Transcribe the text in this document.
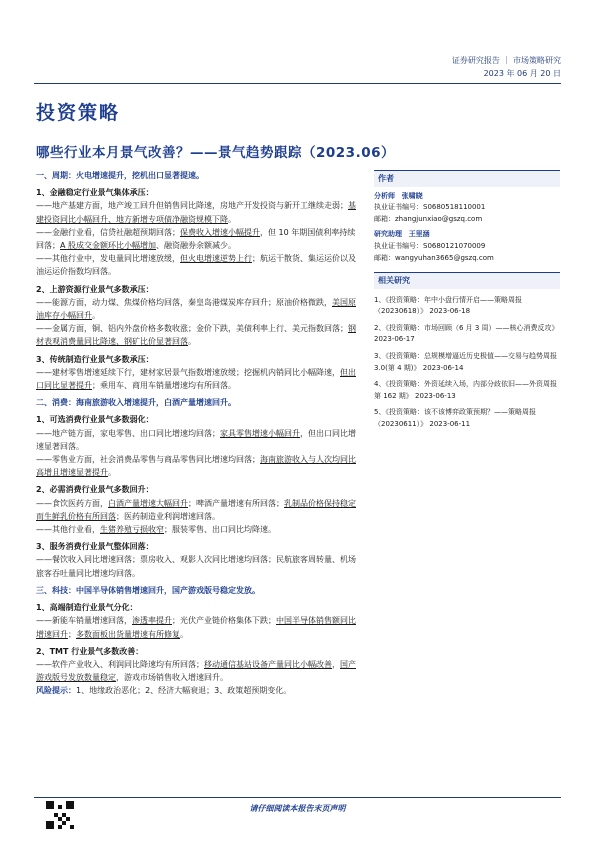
证券研究报告 ｜ 市场策略研究
2023 年 06 月 20 日
投资策略
哪些行业本月景气改善？——景气趋势跟踪（2023.06）

一、周期：火电增速提升，挖机出口显著提速。

1、金融稳定行业景气集体承压：

——地产基建方面，地产竣工回升但销售同比降速，房地产开发投资与新开工继续走弱；基建投资同比小幅回升、地方新增专项债净融资规模下降。

——金融行业看，信贷社融超预期回落；保费收入增速小幅提升，但 10 年期国债利率持续回落；A 股成交金额环比小幅增加、融资融券余额减少。

——其他行业中，发电量同比增速放缓，但火电增速逆势上行；航运干散货、集运运价以及油运运价指数均回落。

2、上游资源行业景气多数承压：

——能源方面，动力煤、焦煤价格均回落，秦皇岛港煤炭库存回升；原油价格微跌，美国原油库存小幅回升。

——金属方面，铜、铝内外盘价格多数收涨；金价下跌，美债利率上行、美元指数回落；钢材表观消费量同比降速、钢矿比价显著回落。

3、传统制造行业景气多数承压：

——建材零售增速延续下行，建材家居景气指数增速放缓；挖掘机内销同比小幅降速，但出口同比显著提升；乘用车、商用车销量增速均有所回落。

二、消费：海南旅游收入增速提升，白酒产量增速回升。

1、可选消费行业景气多数弱化：

——地产链方面，家电零售、出口同比增速均回落；家具零售增速小幅回升，但出口同比增速显著回落。

——零售业方面，社会消费品零售与商品零售同比增速均回落；海南旅游收入与人次均同比高增且增速显著提升。

2、必需消费行业景气多数回升：

——食饮医药方面，白酒产量增速大幅回升；啤酒产量增速有所回落；乳制品价格保持稳定而生鲜乳价格有所回落；医药制造业利润增速回落。

——其他行业看，生猪养殖亏损收窄；服装零售、出口同比均降速。

3、服务消费行业景气整体回落：

——餐饮收入同比增速回落；票房收入、观影人次同比增速均回落；民航旅客周转量、机场旅客吞吐量同比增速均回落。

三、科技：中国半导体销售增速回升，国产游戏版号稳定发放。

1、高端制造行业景气分化：

——新能车销量增速回落，渗透率提升；光伏产业链价格集体下跌；中国半导体销售额同比增速回升；多数面板出货量增速有所修复。

2、TMT 行业景气多数改善：

——软件产业收入、利润同比降速均有所回落；移动通信基站设备产量同比小幅改善，国产游戏版号发放数量稳定，游戏市场销售收入增速回升。

风险提示：1、地缘政治恶化；2、经济大幅衰退；3、政策超预期变化。

作者
分析师 张啸晓
执业证书编号：S0680518110001
邮箱：zhangjunxiao@gszq.com
研究助理 王里涵
执业证书编号：S0680121070009
邮箱：wangyuhan3665@gszq.com
相关研究
1、《投资策略：年中小盘行情开启——策略周报（20230618）》 2023-06-18
2、《投资策略：市场回顾（6 月 3 周）——核心消费反攻》 2023-06-17
3、《投资策略：总规模增逼近历史极值——交易与趋势周报 3.0(第 4 期)》 2023-06-14
4、《投资策略：外资延续入场，内部分歧依旧——外资周报第 162 期》 2023-06-13
5、《投资策略：该不该博弈政策预期？——策略周报（20230611）》 2023-06-11
请仔细阅读本报告末页声明
